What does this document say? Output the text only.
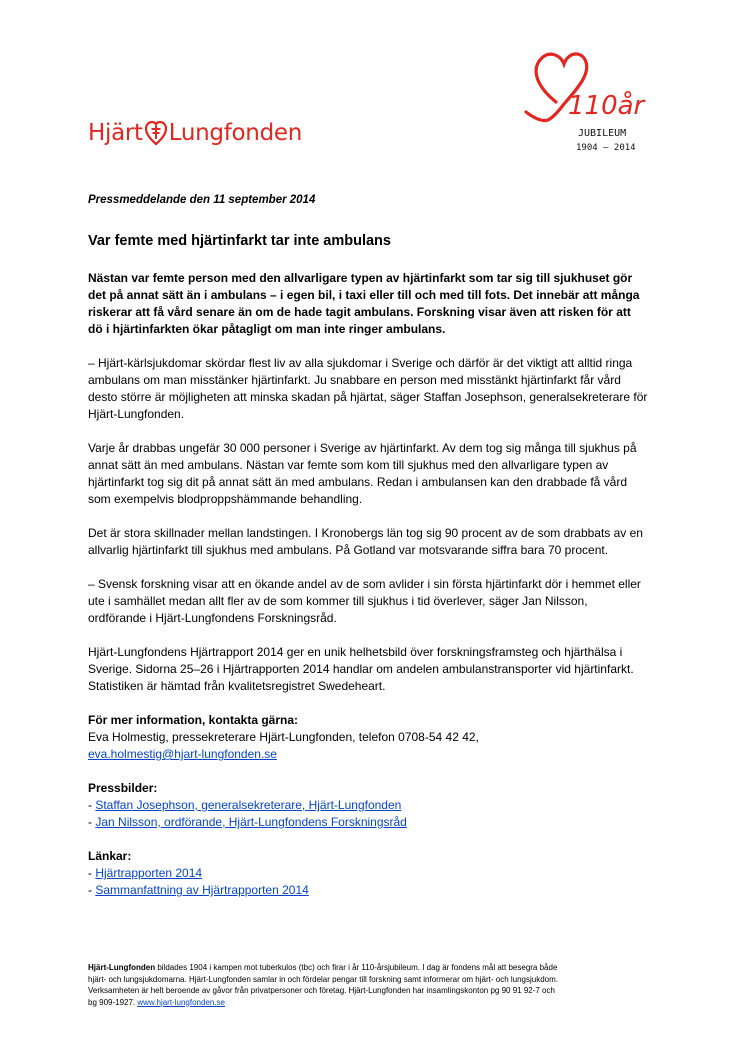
Hjärt Lungfonden
110år
JUBILEUM
1904 – 2014
Pressmeddelande den 11 september 2014
Var femte med hjärtinfarkt tar inte ambulans

Nästan var femte person med den allvarligare typen av hjärtinfarkt som tar sig till sjukhuset gör det på annat sätt än i ambulans – i egen bil, i taxi eller till och med till fots. Det innebär att många riskerar att få vård senare än om de hade tagit ambulans. Forskning visar även att risken för att dö i hjärtinfarkten ökar påtagligt om man inte ringer ambulans.

– Hjärt-kärlsjukdomar skördar flest liv av alla sjukdomar i Sverige och därför är det viktigt att alltid ringa ambulans om man misstänker hjärtinfarkt. Ju snabbare en person med misstänkt hjärtinfarkt får vård desto större är möjligheten att minska skadan på hjärtat, säger Staffan Josephson, generalsekreterare för Hjärt-Lungfonden.

Varje år drabbas ungefär 30 000 personer i Sverige av hjärtinfarkt. Av dem tog sig många till sjukhus på annat sätt än med ambulans. Nästan var femte som kom till sjukhus med den allvarligare typen av hjärtinfarkt tog sig dit på annat sätt än med ambulans. Redan i ambulansen kan den drabbade få vård som exempelvis blodproppshämmande behandling.

Det är stora skillnader mellan landstingen. I Kronobergs län tog sig 90 procent av de som drabbats av en allvarlig hjärtinfarkt till sjukhus med ambulans. På Gotland var motsvarande siffra bara 70 procent.

– Svensk forskning visar att en ökande andel av de som avlider i sin första hjärtinfarkt dör i hemmet eller ute i samhället medan allt fler av de som kommer till sjukhus i tid överlever, säger Jan Nilsson, ordförande i Hjärt-Lungfondens Forskningsråd.

Hjärt-Lungfondens Hjärtrapport 2014 ger en unik helhetsbild över forskningsframsteg och hjärthälsa i Sverige. Sidorna 25–26 i Hjärtrapporten 2014 handlar om andelen ambulanstransporter vid hjärtinfarkt. Statistiken är hämtad från kvalitetsregistret Swedeheart.

För mer information, kontakta gärna:
Eva Holmestig, pressekreterare Hjärt-Lungfonden, telefon 0708-54 42 42,
eva.holmestig@hjart-lungfonden.se
Pressbilder:
- Staffan Josephson, generalsekreterare, Hjärt-Lungfonden
- Jan Nilsson, ordförande, Hjärt-Lungfondens Forskningsråd
Länkar:
- Hjärtrapporten 2014
- Sammanfattning av Hjärtrapporten 2014
Hjärt-Lungfonden bildades 1904 i kampen mot tuberkulos (tbc) och firar i år 110-årsjubileum. I dag är fondens mål att besegra både hjärt- och lungsjukdomarna. Hjärt-Lungfonden samlar in och fördelar pengar till forskning samt informerar om hjärt- och lungsjukdom. Verksamheten är helt beroende av gåvor från privatpersoner och företag. Hjärt-Lungfonden har insamlingskonton pg 90 91 92-7 och bg 909-1927. www.hjart-lungfonden.se
